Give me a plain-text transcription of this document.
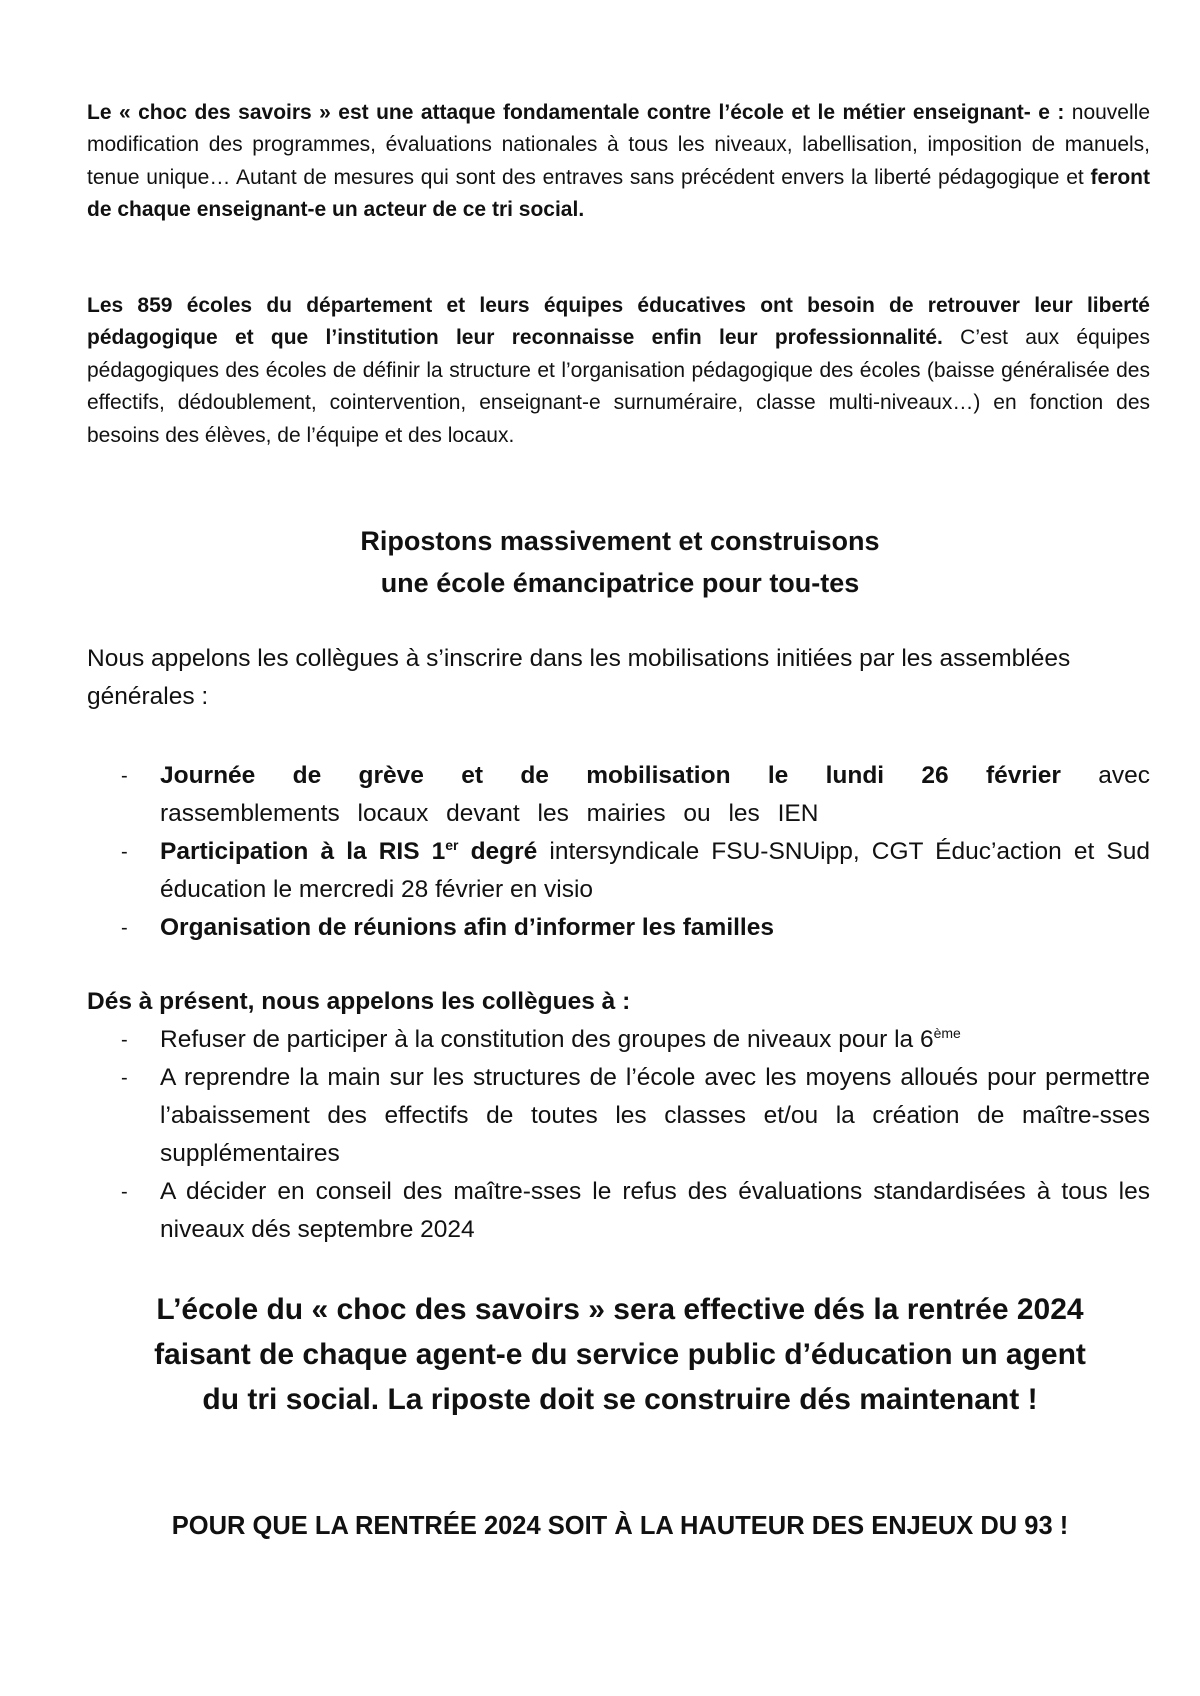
Le « choc des savoirs » est une attaque fondamentale contre l’école et le métier enseignant- e : nouvelle modification des programmes, évaluations nationales à tous les niveaux, labellisation, imposition de manuels, tenue unique… Autant de mesures qui sont des entraves sans précédent envers la liberté pédagogique et feront de chaque enseignant-e un acteur de ce tri social.

Les 859 écoles du département et leurs équipes éducatives ont besoin de retrouver leur liberté pédagogique et que l’institution leur reconnaisse enfin leur professionnalité. C’est aux équipes pédagogiques des écoles de définir la structure et l’organisation pédagogique des écoles (baisse généralisée des effectifs, dédoublement, cointervention, enseignant-e surnuméraire, classe multi-niveaux…) en fonction des besoins des élèves, de l’équipe et des locaux.

Ripostons massivement et construisons
une école émancipatrice pour tou-tes

Nous appelons les collègues à s’inscrire dans les mobilisations initiées par les assemblées générales :

- Journée de grève et de mobilisation le lundi 26 février avec rassemblements locaux devant les mairies ou les IEN
- Participation à la RIS 1er degré intersyndicale FSU-SNUipp, CGT Éduc’action et Sud éducation le mercredi 28 février en visio
- Organisation de réunions afin d’informer les familles

Dés à présent, nous appelons les collègues à :

- Refuser de participer à la constitution des groupes de niveaux pour la 6ème
- A reprendre la main sur les structures de l’école avec les moyens alloués pour permettre l’abaissement des effectifs de toutes les classes et/ou la création de maître-sses supplémentaires
- A décider en conseil des maître-sses le refus des évaluations standardisées à tous les niveaux dés septembre 2024

L’école du « choc des savoirs » sera effective dés la rentrée 2024
faisant de chaque agent-e du service public d’éducation un agent
du tri social. La riposte doit se construire dés maintenant !

POUR QUE LA RENTRÉE 2024 SOIT À LA HAUTEUR DES ENJEUX DU 93 !
